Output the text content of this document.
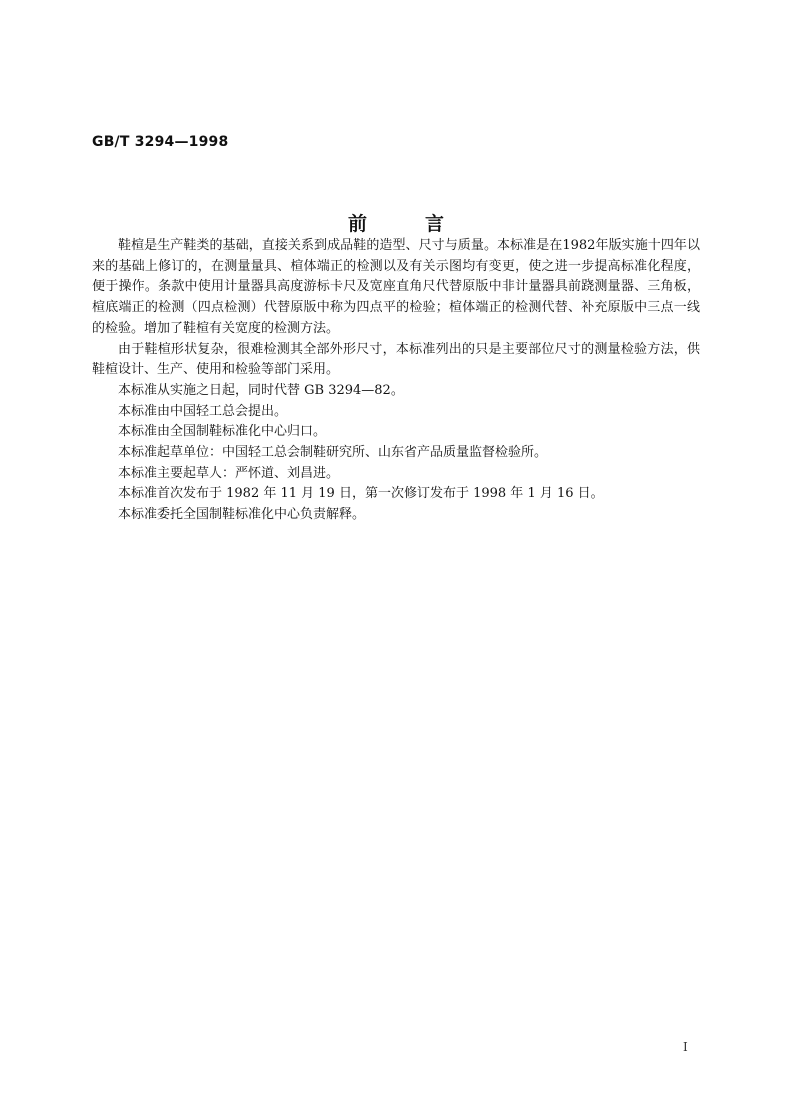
GB/T 3294—1998
前言

鞋楦是生产鞋类的基础，直接关系到成品鞋的造型、尺寸与质量。本标准是在1982年版实施十四年以来的基础上修订的，在测量量具、楦体端正的检测以及有关示图均有变更，使之进一步提高标准化程度，便于操作。条款中使用计量器具高度游标卡尺及宽座直角尺代替原版中非计量器具前跷测量器、三角板，楦底端正的检测（四点检测）代替原版中称为四点平的检验；楦体端正的检测代替、补充原版中三点一线的检验。增加了鞋楦有关宽度的检测方法。

由于鞋楦形状复杂，很难检测其全部外形尺寸，本标准列出的只是主要部位尺寸的测量检验方法，供鞋楦设计、生产、使用和检验等部门采用。

本标准从实施之日起，同时代替 GB 3294—82。

本标准由中国轻工总会提出。

本标准由全国制鞋标准化中心归口。

本标准起草单位：中国轻工总会制鞋研究所、山东省产品质量监督检验所。

本标准主要起草人：严怀道、刘昌进。

本标准首次发布于 1982 年 11 月 19 日，第一次修订发布于 1998 年 1 月 16 日。

本标准委托全国制鞋标准化中心负责解释。

I
